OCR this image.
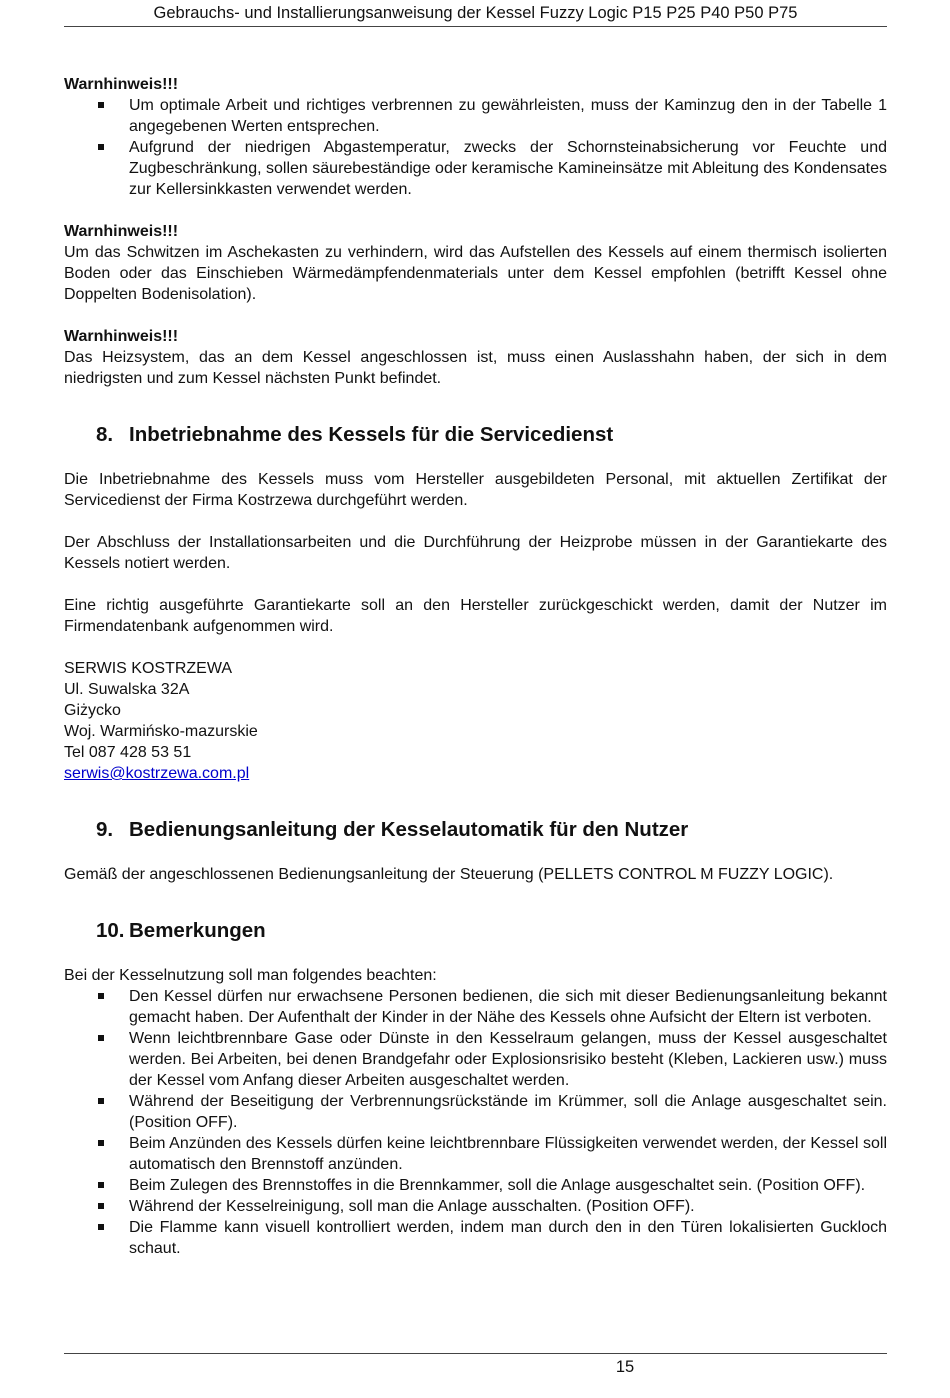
Gebrauchs- und Installierungsanweisung der Kessel Fuzzy Logic P15 P25 P40 P50 P75

Warnhinweis!!!

Um optimale Arbeit und richtiges verbrennen zu gewährleisten, muss der Kaminzug den in der Tabelle 1 angegebenen Werten entsprechen.
Aufgrund der niedrigen Abgastemperatur, zwecks der Schornsteinabsicherung vor Feuchte und Zugbeschränkung, sollen säurebeständige oder keramische Kamineinsätze mit Ableitung des Kondensates zur Kellersinkkasten verwendet werden.

Warnhinweis!!!

Um das Schwitzen im Aschekasten zu verhindern, wird das Aufstellen des Kessels auf einem thermisch isolierten Boden oder das Einschieben Wärmedämpfendenmaterials unter dem Kessel empfohlen (betrifft Kessel ohne Doppelten Bodenisolation).

Warnhinweis!!!

Das Heizsystem, das an dem Kessel angeschlossen ist, muss einen Auslasshahn haben, der sich in dem niedrigsten und zum Kessel nächsten Punkt befindet.

8. Inbetriebnahme des Kessels für die Servicedienst

Die Inbetriebnahme des Kessels muss vom Hersteller ausgebildeten Personal, mit aktuellen Zertifikat der Servicedienst der Firma Kostrzewa durchgeführt werden.

Der Abschluss der Installationsarbeiten und die Durchführung der Heizprobe müssen in der Garantiekarte des Kessels notiert werden.

Eine richtig ausgeführte Garantiekarte soll an den Hersteller zurückgeschickt werden, damit der Nutzer im Firmendatenbank aufgenommen wird.

SERWIS KOSTRZEWA

Ul. Suwalska 32A

Giżycko

Woj. Warmińsko-mazurskie

Tel 087 428 53 51

serwis@kostrzewa.com.pl

9. Bedienungsanleitung der Kesselautomatik für den Nutzer

Gemäß der angeschlossenen Bedienungsanleitung der Steuerung (PELLETS CONTROL M FUZZY LOGIC).

10. Bemerkungen

Bei der Kesselnutzung soll man folgendes beachten:

Den Kessel dürfen nur erwachsene Personen bedienen, die sich mit dieser Bedienungsanleitung bekannt gemacht haben. Der Aufenthalt der Kinder in der Nähe des Kessels ohne Aufsicht der Eltern ist verboten.
Wenn leichtbrennbare Gase oder Dünste in den Kesselraum gelangen, muss der Kessel ausgeschaltet werden. Bei Arbeiten, bei denen Brandgefahr oder Explosionsrisiko besteht (Kleben, Lackieren usw.) muss der Kessel vom Anfang dieser Arbeiten ausgeschaltet werden.
Während der Beseitigung der Verbrennungsrückstände im Krümmer, soll die Anlage ausgeschaltet sein. (Position OFF).
Beim Anzünden des Kessels dürfen keine leichtbrennbare Flüssigkeiten verwendet werden, der Kessel soll automatisch den Brennstoff anzünden.
Beim Zulegen des Brennstoffes in die Brennkammer, soll die Anlage ausgeschaltet sein. (Position OFF).
Während der Kesselreinigung, soll man die Anlage ausschalten. (Position OFF).
Die Flamme kann visuell kontrolliert werden, indem man durch den in den Türen lokalisierten Guckloch schaut.
15
